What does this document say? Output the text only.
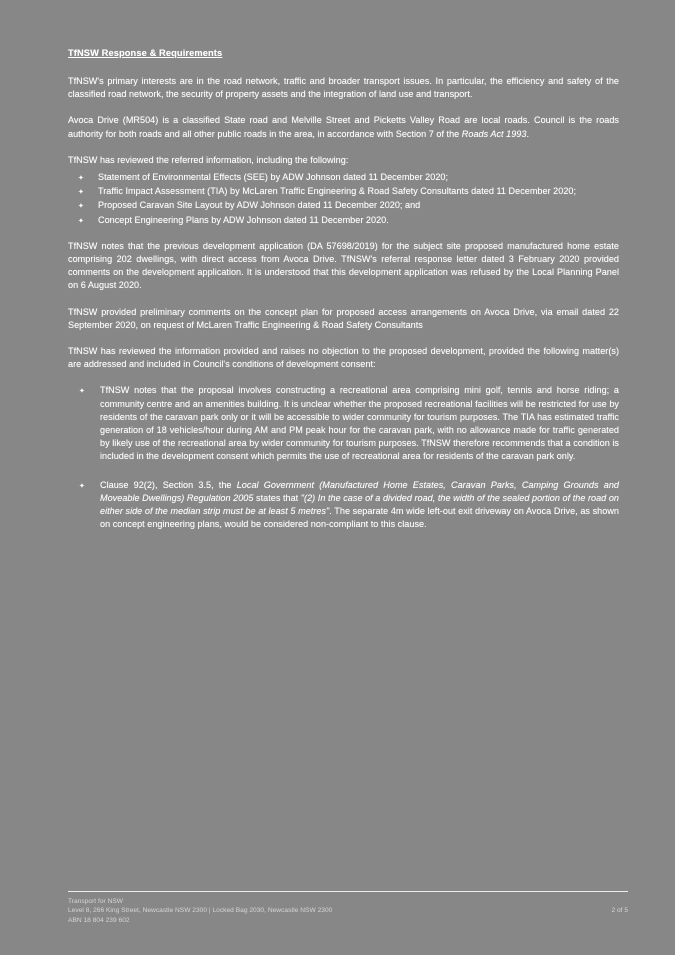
TfNSW Response & Requirements

TfNSW's primary interests are in the road network, traffic and broader transport issues. In particular, the efficiency and safety of the classified road network, the security of property assets and the integration of land use and transport.

Avoca Drive (MR504) is a classified State road and Melville Street and Picketts Valley Road are local roads. Council is the roads authority for both roads and all other public roads in the area, in accordance with Section 7 of the Roads Act 1993.

TfNSW has reviewed the referred information, including the following:

✦ Statement of Environmental Effects (SEE) by ADW Johnson dated 11 December 2020;
✦ Traffic Impact Assessment (TIA) by McLaren Traffic Engineering & Road Safety Consultants dated 11 December 2020;
✦ Proposed Caravan Site Layout by ADW Johnson dated 11 December 2020; and
✦ Concept Engineering Plans by ADW Johnson dated 11 December 2020.

TfNSW notes that the previous development application (DA 57698/2019) for the subject site proposed manufactured home estate comprising 202 dwellings, with direct access from Avoca Drive. TfNSW's referral response letter dated 3 February 2020 provided comments on the development application. It is understood that this development application was refused by the Local Planning Panel on 6 August 2020.

TfNSW provided preliminary comments on the concept plan for proposed access arrangements on Avoca Drive, via email dated 22 September 2020, on request of McLaren Traffic Engineering & Road Safety Consultants

TfNSW has reviewed the information provided and raises no objection to the proposed development, provided the following matter(s) are addressed and included in Council's conditions of development consent:

✦ TfNSW notes that the proposal involves constructing a recreational area comprising mini golf, tennis and horse riding; a community centre and an amenities building. It is unclear whether the proposed recreational facilities will be restricted for use by residents of the caravan park only or it will be accessible to wider community for tourism purposes. The TIA has estimated traffic generation of 18 vehicles/hour during AM and PM peak hour for the caravan park, with no allowance made for traffic generated by likely use of the recreational area by wider community for tourism purposes. TfNSW therefore recommends that a condition is included in the development consent which permits the use of recreational area for residents of the caravan park only.
✦ Clause 92(2), Section 3.5, the Local Government (Manufactured Home Estates, Caravan Parks, Camping Grounds and Moveable Dwellings) Regulation 2005 states that "(2) In the case of a divided road, the width of the sealed portion of the road on either side of the median strip must be at least 5 metres". The separate 4m wide left-out exit driveway on Avoca Drive, as shown on concept engineering plans, would be considered non-compliant to this clause.
Transport for NSW
Level 8, 266 King Street, Newcastle NSW 2300 | Locked Bag 2030, Newcastle NSW 2300
ABN 18 804 239 602
2 of 5
